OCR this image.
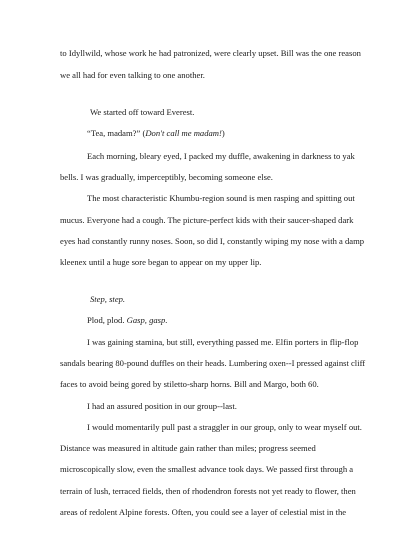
to Idyllwild, whose work he had patronized, were clearly upset. Bill was the one reason
we all had for even talking to one another.
We started off toward Everest.
“Tea, madam?” (Don't call me madam!)
Each morning, bleary eyed, I packed my duffle, awakening in darkness to yak
bells. I was gradually, imperceptibly, becoming someone else.
The most characteristic Khumbu-region sound is men rasping and spitting out
mucus. Everyone had a cough. The picture-perfect kids with their saucer-shaped dark
eyes had constantly runny noses. Soon, so did I, constantly wiping my nose with a damp
kleenex until a huge sore began to appear on my upper lip.
Step, step.
Plod, plod. Gasp, gasp.
I was gaining stamina, but still, everything passed me. Elfin porters in flip-flop
sandals bearing 80-pound duffles on their heads. Lumbering oxen--I pressed against cliff
faces to avoid being gored by stiletto-sharp horns. Bill and Margo, both 60.
I had an assured position in our group--last.
I would momentarily pull past a straggler in our group, only to wear myself out.
Distance was measured in altitude gain rather than miles; progress seemed
microscopically slow, even the smallest advance took days. We passed first through a
terrain of lush, terraced fields, then of rhodendron forests not yet ready to flower, then
areas of redolent Alpine forests. Often, you could see a layer of celestial mist in the
